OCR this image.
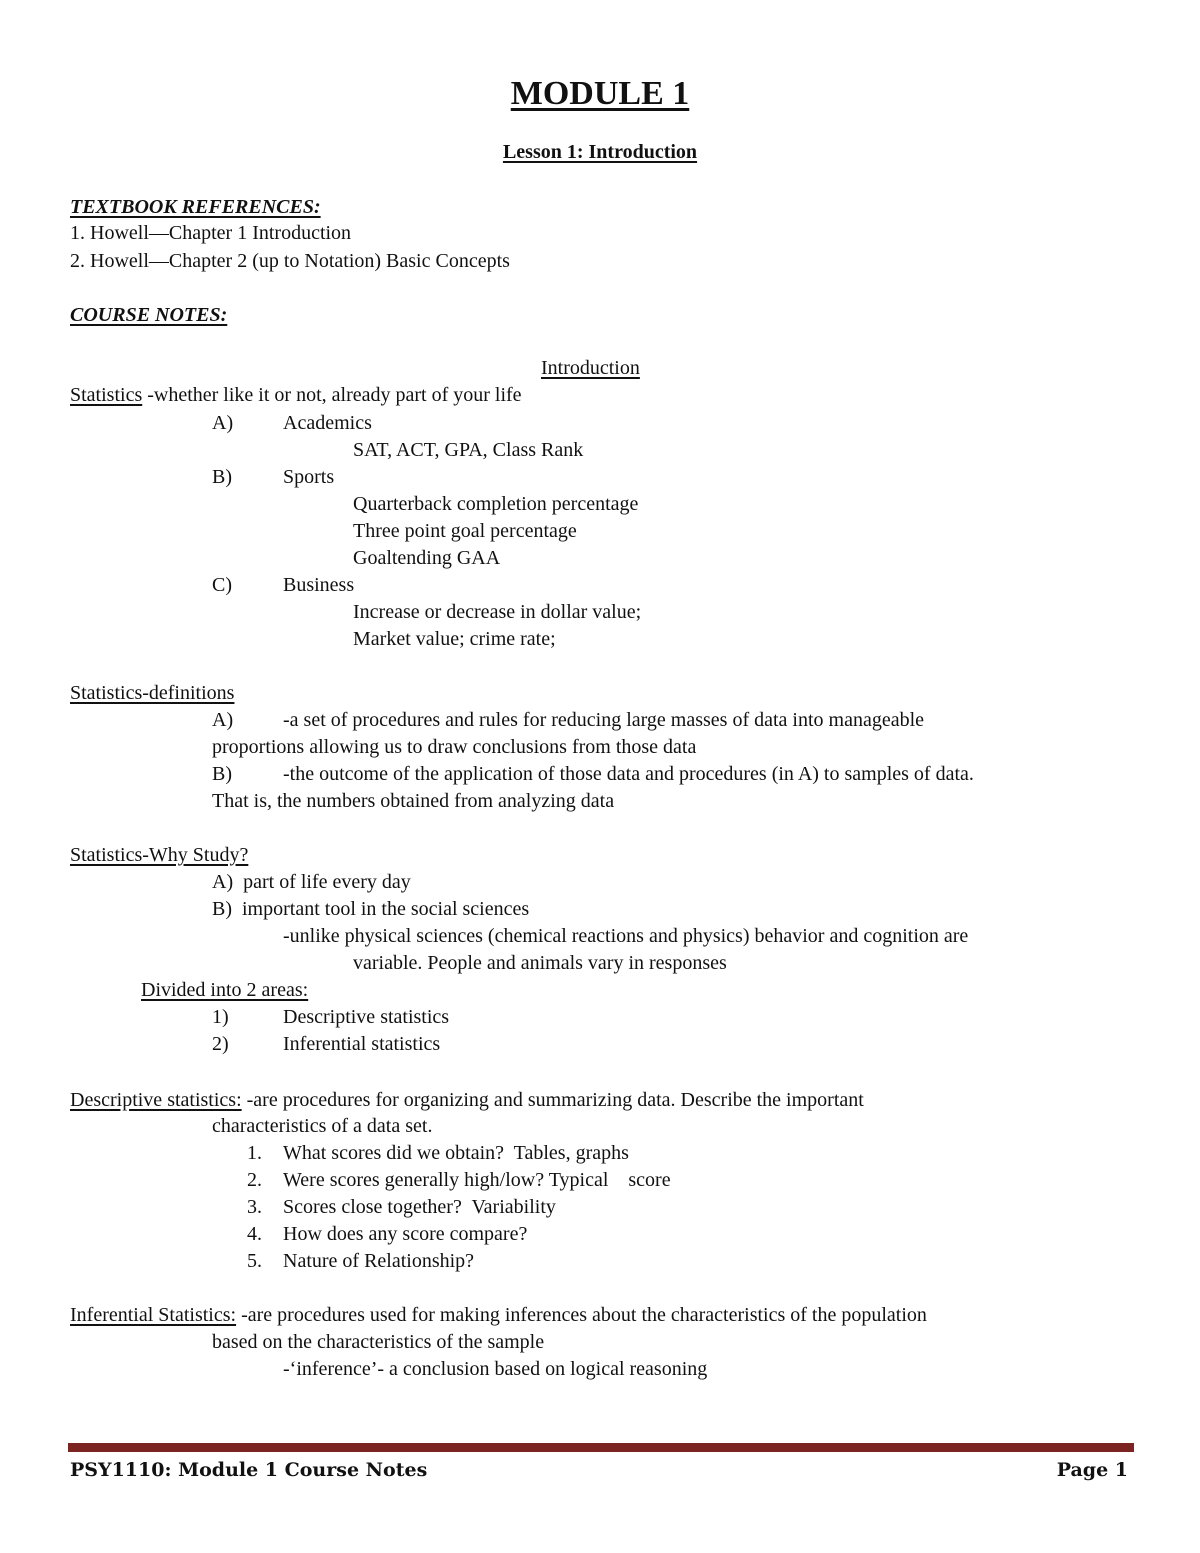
MODULE 1
Lesson 1: Introduction
TEXTBOOK REFERENCES:
1. Howell—Chapter 1 Introduction
2. Howell—Chapter 2 (up to Notation) Basic Concepts
COURSE NOTES:
Introduction
Statistics -whether like it or not, already part of your life
A) Academics
SAT, ACT, GPA, Class Rank
B)	Sports
Quarterback completion percentage
Three point goal percentage
Goaltending GAA
C)	Business
Increase or decrease in dollar value;
Market value; crime rate;
Statistics-definitions
A) -a set of procedures and rules for reducing large masses of data into manageable
proportions allowing us to draw conclusions from those data
B)	-the outcome of the application of those data and procedures (in A) to samples of data.
That is, the numbers obtained from analyzing data
Statistics-Why Study?
A)  part of life every day
B)  important tool in the social sciences
-unlike physical sciences (chemical reactions and physics) behavior and cognition are
variable. People and animals vary in responses
Divided into 2 areas:
1)	Descriptive statistics
2)	Inferential statistics
Descriptive statistics: -are procedures for organizing and summarizing data. Describe the important
characteristics of a data set.
1. What scores did we obtain?  Tables, graphs
2. Were scores generally high/low? Typical    score
3. Scores close together?  Variability
4. How does any score compare?
5. Nature of Relationship?
Inferential Statistics: -are procedures used for making inferences about the characteristics of the population
based on the characteristics of the sample
-‘inference’- a conclusion based on logical reasoning
PSY1110: Module 1 Course Notes	Page 1
